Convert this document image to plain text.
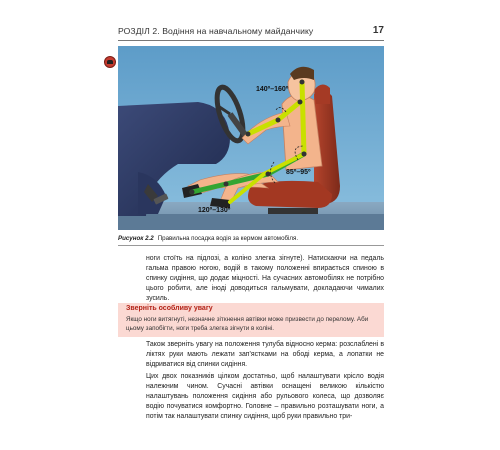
РОЗДІЛ 2. Водіння на навчальному майданчику	17
140º–160º
85º–95º
120º–130º
Рисунок 2.2 Правильна посадка водія за кермом автомобіля.
ноги стоїть на підлозі, а коліно злегка зігнуте). Натискаючи на педаль гальма правою ногою, водій в такому положенні впирається спиною в спинку сидіння, що додає міцності. На сучасних автомобілях не потрібно цього робити, але іноді доводиться гальмувати, докладаючи чималих зусиль.
Зверніть особливу увагу
Якщо ноги витягнуті, незначне зіткнення автівки може призвести до перелому. Аби цьому запобігти, ноги треба злегка зігнути в коліні.
Також зверніть увагу на положення тулуба відносно керма: розслаблені в ліктях руки мають лежати зап'ястками на ободі керма, а лопатки не відриватися від спинки сидіння.
Цих двох показників цілком достатньо, щоб налаштувати крісло водія належним чином. Сучасні автівки оснащені великою кількістю налаштувань положення сидіння або рульового колеса, що дозволяє водію почуватися комфортно. Головне – правильно розташувати ноги, а потім так налаштувати спинку сидіння, щоб руки правильно три-
